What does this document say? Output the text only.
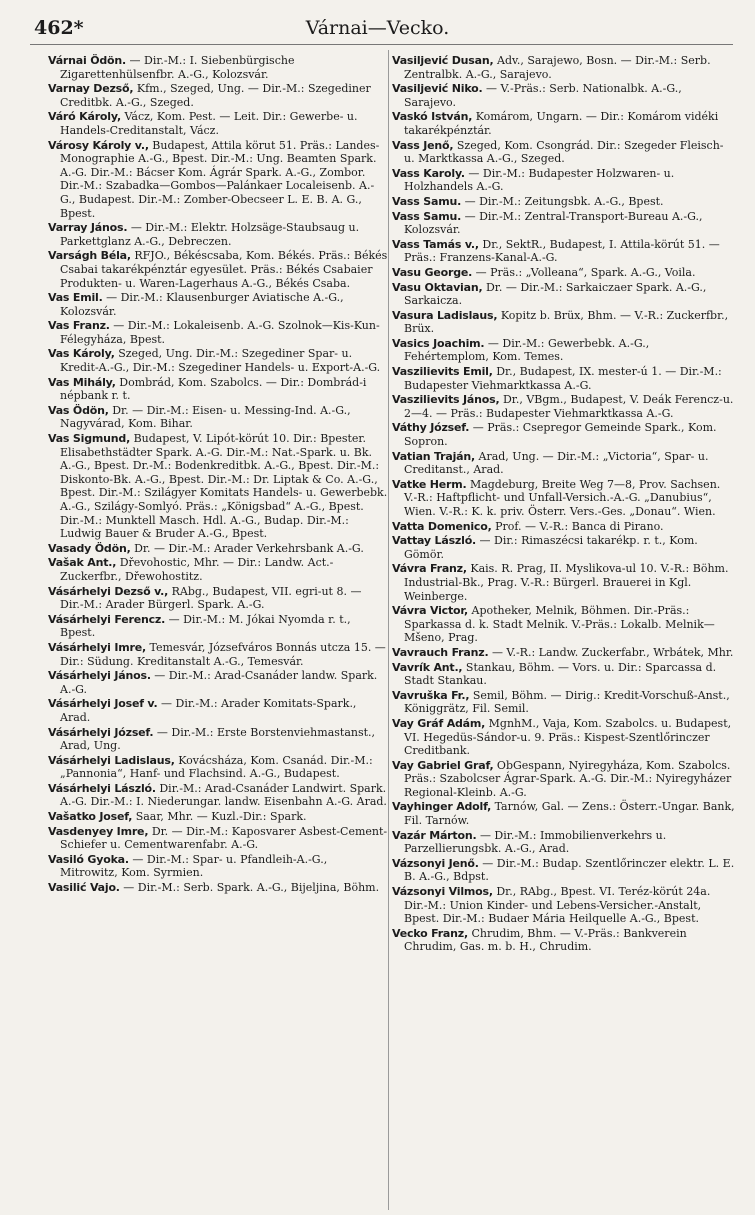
462*	Várnai—Vecko.

Várnai Ödön. — Dir.-M.: I. Siebenbürgische Zigarettenhülsenfbr. A.-G., Kolozsvár.

Varnay Dezső, Kfm., Szeged, Ung. — Dir.-M.: Szegediner Creditbk. A.-G., Szeged.

Váró Károly, Vácz, Kom. Pest. — Leit. Dir.: Gewerbe- u. Handels-Creditanstalt, Vácz.

Városy Károly v., Budapest, Attila körut 51. Präs.: Landes-Monographie A.-G., Bpest. Dir.-M.: Ung. Beamten Spark. A.-G. Dir.-M.: Bácser Kom. Ágrár Spark. A.-G., Zombor. Dir.-M.: Szabadka—Gombos—Palánkaer Localeisenb. A.-G., Budapest. Dir.-M.: Zomber-Obecseer L. E. B. A. G., Bpest.

Varray János. — Dir.-M.: Elektr. Holzsäge-Staubsaug u. Parkettglanz A.-G., Debreczen.

Varságh Béla, RFJO., Békéscsaba, Kom. Békés. Präs.: Békés Csabai takarékpénztár egyesület. Präs.: Békés Csabaier Produkten- u. Waren-Lagerhaus A.-G., Békés Csaba.

Vas Emil. — Dir.-M.: Klausenburger Aviatische A.-G., Kolozsvár.

Vas Franz. — Dir.-M.: Lokaleisenb. A.-G. Szolnok—Kis-Kun-Félegyháza, Bpest.

Vas Károly, Szeged, Ung. Dir.-M.: Szegediner Spar- u. Kredit-A.-G., Dir.-M.: Szegediner Handels- u. Export-A.-G.

Vas Mihály, Dombrád, Kom. Szabolcs. — Dir.: Dombrád-i népbank r. t.

Vas Ödön, Dr. — Dir.-M.: Eisen- u. Messing-Ind. A.-G., Nagyvárad, Kom. Bihar.

Vas Sigmund, Budapest, V. Lipót-körút 10. Dir.: Bpester. Elisabethstädter Spark. A.-G. Dir.-M.: Nat.-Spark. u. Bk. A.-G., Bpest. Dr.-M.: Bodenkreditbk. A.-G., Bpest. Dir.-M.: Diskonto-Bk. A.-G., Bpest. Dir.-M.: Dr. Liptak & Co. A.-G., Bpest. Dir.-M.: Szilágyer Komitats Handels- u. Gewerbebk. A.-G., Szilágy-Somlyó. Präs.: „Königsbad“ A.-G., Bpest. Dir.-M.: Munktell Masch. Hdl. A.-G., Budap. Dir.-M.: Ludwig Bauer & Bruder A.-G., Bpest.

Vasady Ödön, Dr. — Dir.-M.: Arader Verkehrsbank A.-G.

Vašak Ant., Dřevohostic, Mhr. — Dir.: Landw. Act.-Zuckerfbr., Dřewohostitz.

Vásárhelyi Dezső v., RAbg., Budapest, VII. egri-ut 8. — Dir.-M.: Arader Bürgerl. Spark. A.-G.

Vásárhelyi Ferencz. — Dir.-M.: M. Jókai Nyomda r. t., Bpest.

Vásárhelyi Imre, Temesvár, Józsefváros Bonnás utcza 15. — Dir.: Südung. Kreditanstalt A.-G., Temesvár.

Vásárhelyi János. — Dir.-M.: Arad-Csanáder landw. Spark. A.-G.

Vásárhelyi Josef v. — Dir.-M.: Arader Komitats-Spark., Arad.

Vásárhelyi József. — Dir.-M.: Erste Borstenviehmastanst., Arad, Ung.

Vásárhelyi Ladislaus, Kovácsháza, Kom. Csanád. Dir.-M.: „Pannonia“, Hanf- und Flachsind. A.-G., Budapest.

Vásárhelyi László. Dir.-M.: Arad-Csanáder Landwirt. Spark. A.-G. Dir.-M.: I. Niederungar. landw. Eisenbahn A.-G. Arad.

Vašatko Josef, Saar, Mhr. — Kuzl.-Dir.: Spark.

Vasdenyey Imre, Dr. — Dir.-M.: Kaposvarer Asbest-Cement-Schiefer u. Cementwarenfabr. A.-G.

Vasiló Gyoka. — Dir.-M.: Spar- u. Pfandleih-A.-G., Mitrowitz, Kom. Syrmien.

Vasilić Vajo. — Dir.-M.: Serb. Spark. A.-G., Bijeljina, Böhm.

Vasiljević Dusan, Adv., Sarajewo, Bosn. — Dir.-M.: Serb. Zentralbk. A.-G., Sarajevo.

Vasiljević Niko. — V.-Präs.: Serb. Nationalbk. A.-G., Sarajevo.

Vaskó István, Komárom, Ungarn. — Dir.: Komárom vidéki takarékpénztár.

Vass Jenő, Szeged, Kom. Csongrád. Dir.: Szegeder Fleisch- u. Marktkassa A.-G., Szeged.

Vass Karoly. — Dir.-M.: Budapester Holzwaren- u. Holzhandels A.-G.

Vass Samu. — Dir.-M.: Zeitungsbk. A.-G., Bpest.

Vass Samu. — Dir.-M.: Zentral-Transport-Bureau A.-G., Kolozsvár.

Vass Tamás v., Dr., SektR., Budapest, I. Attila-körút 51. — Präs.: Franzens-Kanal-A.-G.

Vasu George. — Präs.: „Volleana“, Spark. A.-G., Voila.

Vasu Oktavian, Dr. — Dir.-M.: Sarkaiczaer Spark. A.-G., Sarkaicza.

Vasura Ladislaus, Kopitz b. Brüx, Bhm. — V.-R.: Zuckerfbr., Brüx.

Vasics Joachim. — Dir.-M.: Gewerbebk. A.-G., Fehértemplom, Kom. Temes.

Vaszilievits Emil, Dr., Budapest, IX. mester-ú 1. — Dir.-M.: Budapester Viehmarktkassa A.-G.

Vaszilievits János, Dr., VBgm., Budapest, V. Deák Ferencz-u. 2—4. — Präs.: Budapester Viehmarktkassa A.-G.

Váthy József. — Präs.: Csepregor Gemeinde Spark., Kom. Sopron.

Vatian Traján, Arad, Ung. — Dir.-M.: „Victoria“, Spar- u. Creditanst., Arad.

Vatke Herm. Magdeburg, Breite Weg 7—8, Prov. Sachsen. V.-R.: Haftpflicht- und Unfall-Versich.-A.-G. „Danubius“, Wien. V.-R.: K. k. priv. Österr. Vers.-Ges. „Donau“. Wien.

Vatta Domenico, Prof. — V.-R.: Banca di Pirano.

Vattay László. — Dir.: Rimaszécsi takarékp. r. t., Kom. Gömör.

Vávra Franz, Kais. R. Prag, II. Myslikova-ul 10. V.-R.: Böhm. Industrial-Bk., Prag. V.-R.: Bürgerl. Brauerei in Kgl. Weinberge.

Vávra Victor, Apotheker, Melnik, Böhmen. Dir.-Präs.: Sparkassa d. k. Stadt Melnik. V.-Präs.: Lokalb. Melnik—Mšeno, Prag.

Vavrauch Franz. — V.-R.: Landw. Zuckerfabr., Wrbátek, Mhr.

Vavrík Ant., Stankau, Böhm. — Vors. u. Dir.: Sparcassa d. Stadt Stankau.

Vavruška Fr., Semil, Böhm. — Dirig.: Kredit-Vorschuß-Anst., Königgrätz, Fil. Semil.

Vay Gráf Adám, MgnhM., Vaja, Kom. Szabolcs. u. Budapest, VI. Hegedüs-Sándor-u. 9. Präs.: Kispest-Szentlőrinczer Creditbank.

Vay Gabriel Graf, ObGespann, Nyiregyháza, Kom. Szabolcs. Präs.: Szabolcser Ágrar-Spark. A.-G. Dir.-M.: Nyiregyházer Regional-Kleinb. A.-G.

Vayhinger Adolf, Tarnów, Gal. — Zens.: Österr.-Ungar. Bank, Fil. Tarnów.

Vazár Márton. — Dir.-M.: Immobilienverkehrs u. Parzellierungsbk. A.-G., Arad.

Vázsonyi Jenő. — Dir.-M.: Budap. Szentlőrinczer elektr. L. E. B. A.-G., Bdpst.

Vázsonyi Vilmos, Dr., RAbg., Bpest. VI. Teréz-körút 24a. Dir.-M.: Union Kinder- und Lebens-Versicher.-Anstalt, Bpest. Dir.-M.: Budaer Mária Heilquelle A.-G., Bpest.

Vecko Franz, Chrudim, Bhm. — V.-Präs.: Bankverein Chrudim, Gas. m. b. H., Chrudim.
